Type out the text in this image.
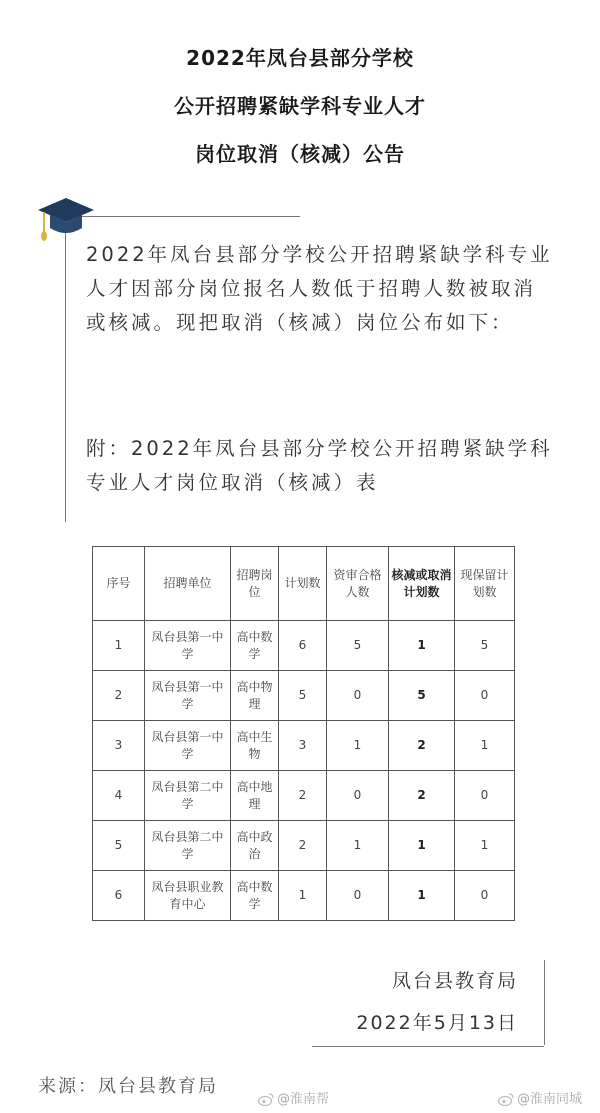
2022年凤台县部分学校
公开招聘紧缺学科专业人才
岗位取消（核减）公告

2022年凤台县部分学校公开招聘紧缺学科专业人才因部分岗位报名人数低于招聘人数被取消或核减。现把取消（核减）岗位公布如下：

附：2022年凤台县部分学校公开招聘紧缺学科专业人才岗位取消（核减）表

序号	招聘单位	招聘岗位	计划数	资审合格人数	核减或取消计划数	现保留计划数
1	凤台县第一中学	高中数学	6	5	1	5
2	凤台县第一中学	高中物理	5	0	5	0
3	凤台县第一中学	高中生物	3	1	2	1
4	凤台县第二中学	高中地理	2	0	2	0
5	凤台县第二中学	高中政治	2	1	1	1
6	凤台县职业教育中心	高中数学	1	0	1	0
凤台县教育局
2022年5月13日
来源：凤台县教育局
@淮南帮	@淮南同城
